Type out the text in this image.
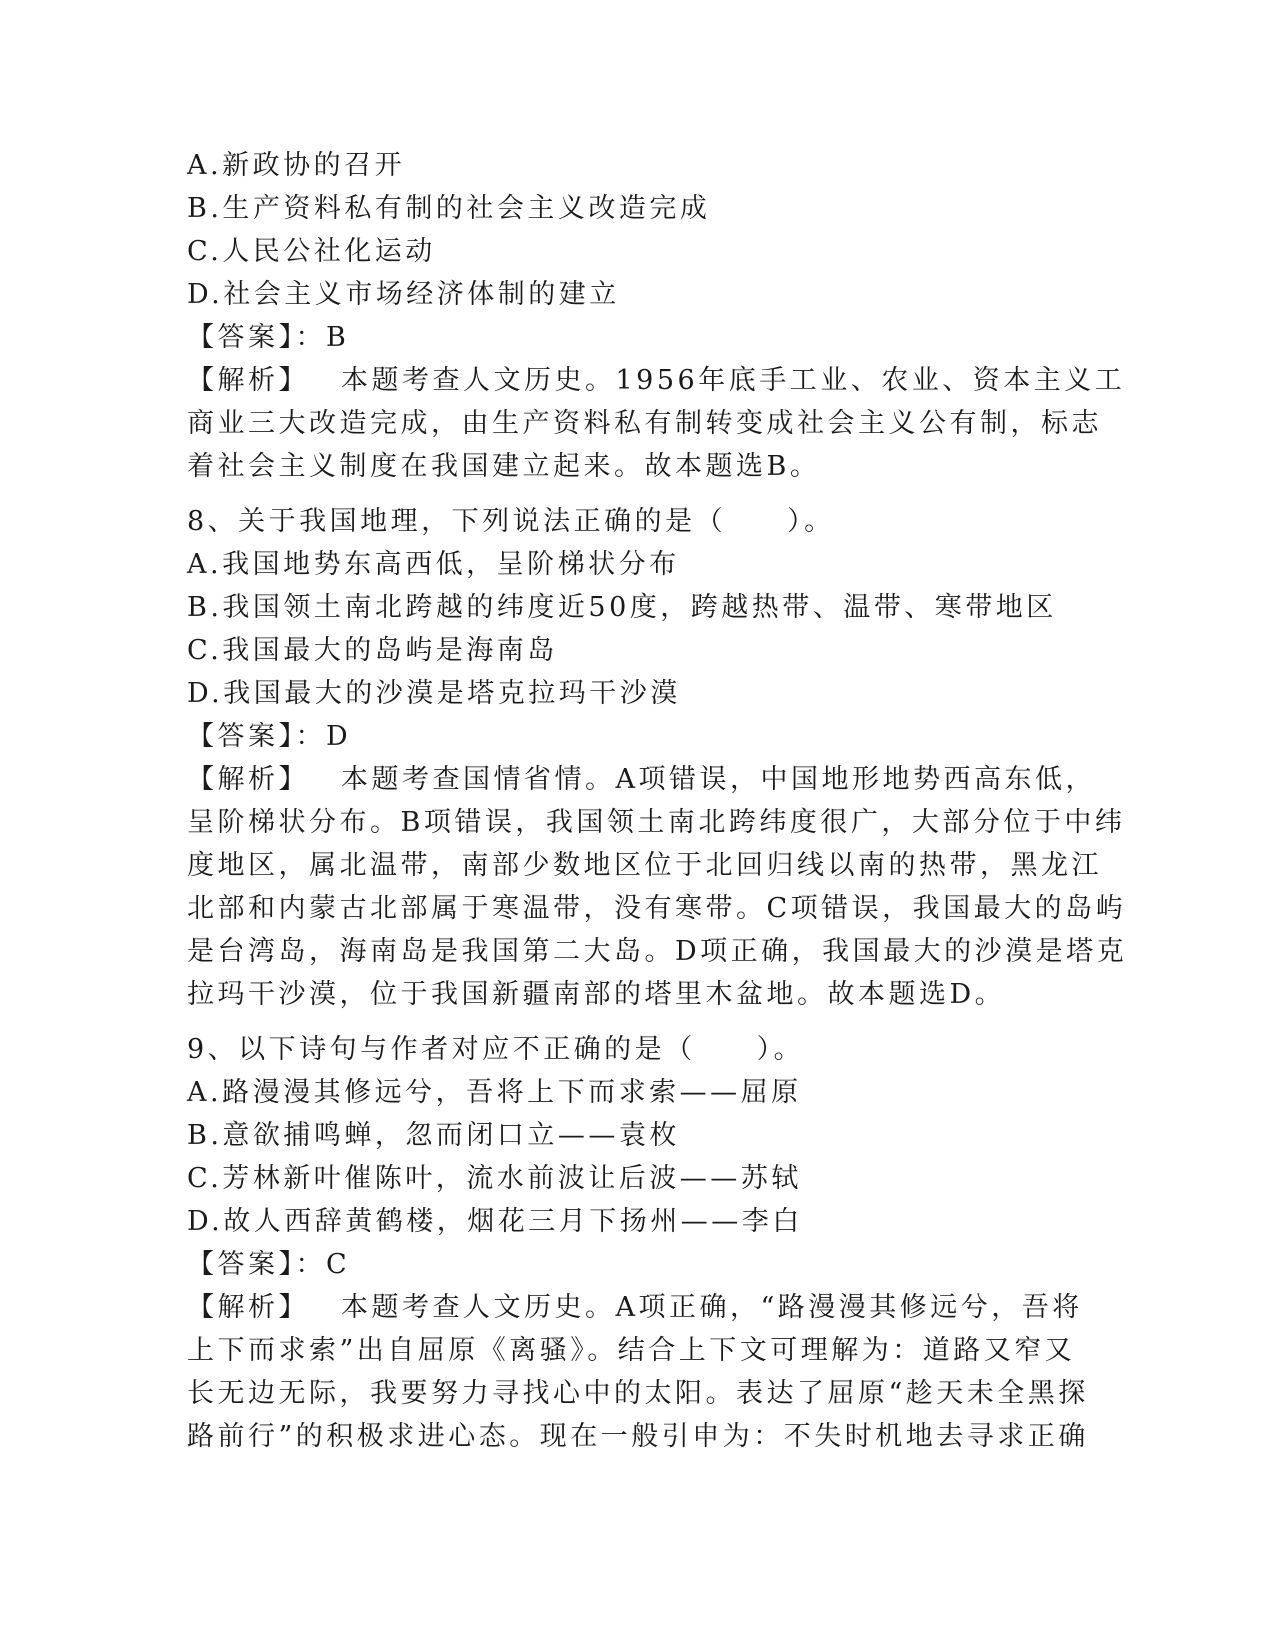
A.新政协的召开
B.生产资料私有制的社会主义改造完成
C.人民公社化运动
D.社会主义市场经济体制的建立
【答案】：B
【解析】 本题考查人文历史。1956年底手工业、农业、资本主义工
商业三大改造完成，由生产资料私有制转变成社会主义公有制，标志
着社会主义制度在我国建立起来。故本题选B。
8、关于我国地理，下列说法正确的是（　　）。
A.我国地势东高西低，呈阶梯状分布
B.我国领土南北跨越的纬度近50度，跨越热带、温带、寒带地区
C.我国最大的岛屿是海南岛
D.我国最大的沙漠是塔克拉玛干沙漠
【答案】：D
【解析】 本题考查国情省情。A项错误，中国地形地势西高东低，
呈阶梯状分布。B项错误，我国领土南北跨纬度很广，大部分位于中纬
度地区，属北温带，南部少数地区位于北回归线以南的热带，黑龙江
北部和内蒙古北部属于寒温带，没有寒带。C项错误，我国最大的岛屿
是台湾岛，海南岛是我国第二大岛。D项正确，我国最大的沙漠是塔克
拉玛干沙漠，位于我国新疆南部的塔里木盆地。故本题选D。
9、以下诗句与作者对应不正确的是（　　）。
A.路漫漫其修远兮，吾将上下而求索——屈原
B.意欲捕鸣蝉，忽而闭口立——袁枚
C.芳林新叶催陈叶，流水前波让后波——苏轼
D.故人西辞黄鹤楼，烟花三月下扬州——李白
【答案】：C
【解析】 本题考查人文历史。A项正确，“路漫漫其修远兮，吾将
上下而求索”出自屈原《离骚》。结合上下文可理解为：道路又窄又
长无边无际，我要努力寻找心中的太阳。表达了屈原“趁天未全黑探
路前行”的积极求进心态。现在一般引申为：不失时机地去寻求正确
